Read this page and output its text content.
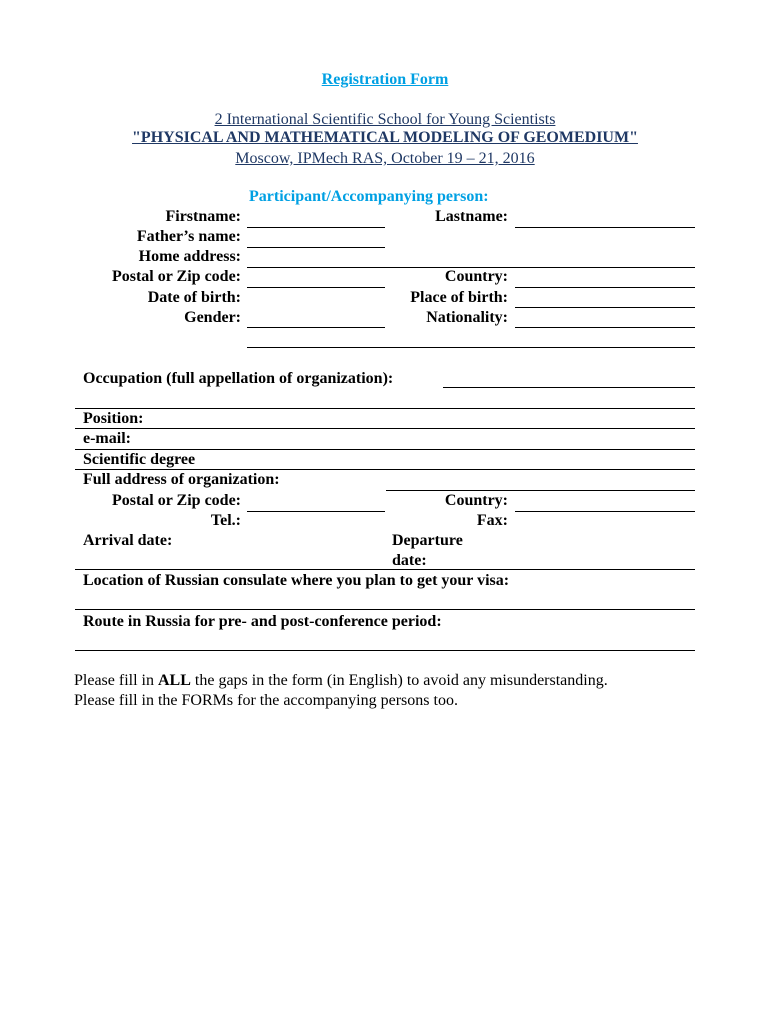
Registration Form
2 International Scientific School for Young Scientists
"PHYSICAL AND MATHEMATICAL MODELING OF GEOMEDIUM"
Moscow, IPMech RAS, October 19 – 21, 2016
Participant/Accompanying person:
Firstname:	Lastname:
Father’s name:
Home address:
Postal or Zip code:	Country:
Date of birth:	Place of birth:
Gender:	Nationality:
Occupation (full appellation of organization):
Position:
e-mail:
Scientific degree
Full address of organization:
Postal or Zip code:	Country:
Tel.:	Fax:
Arrival date:	Departure
date:
Location of Russian consulate where you plan to get your visa:
Route in Russia for pre- and post-conference period:
Please fill in ALL the gaps in the form (in English) to avoid any misunderstanding.
Please fill in the FORMs for the accompanying persons too.
